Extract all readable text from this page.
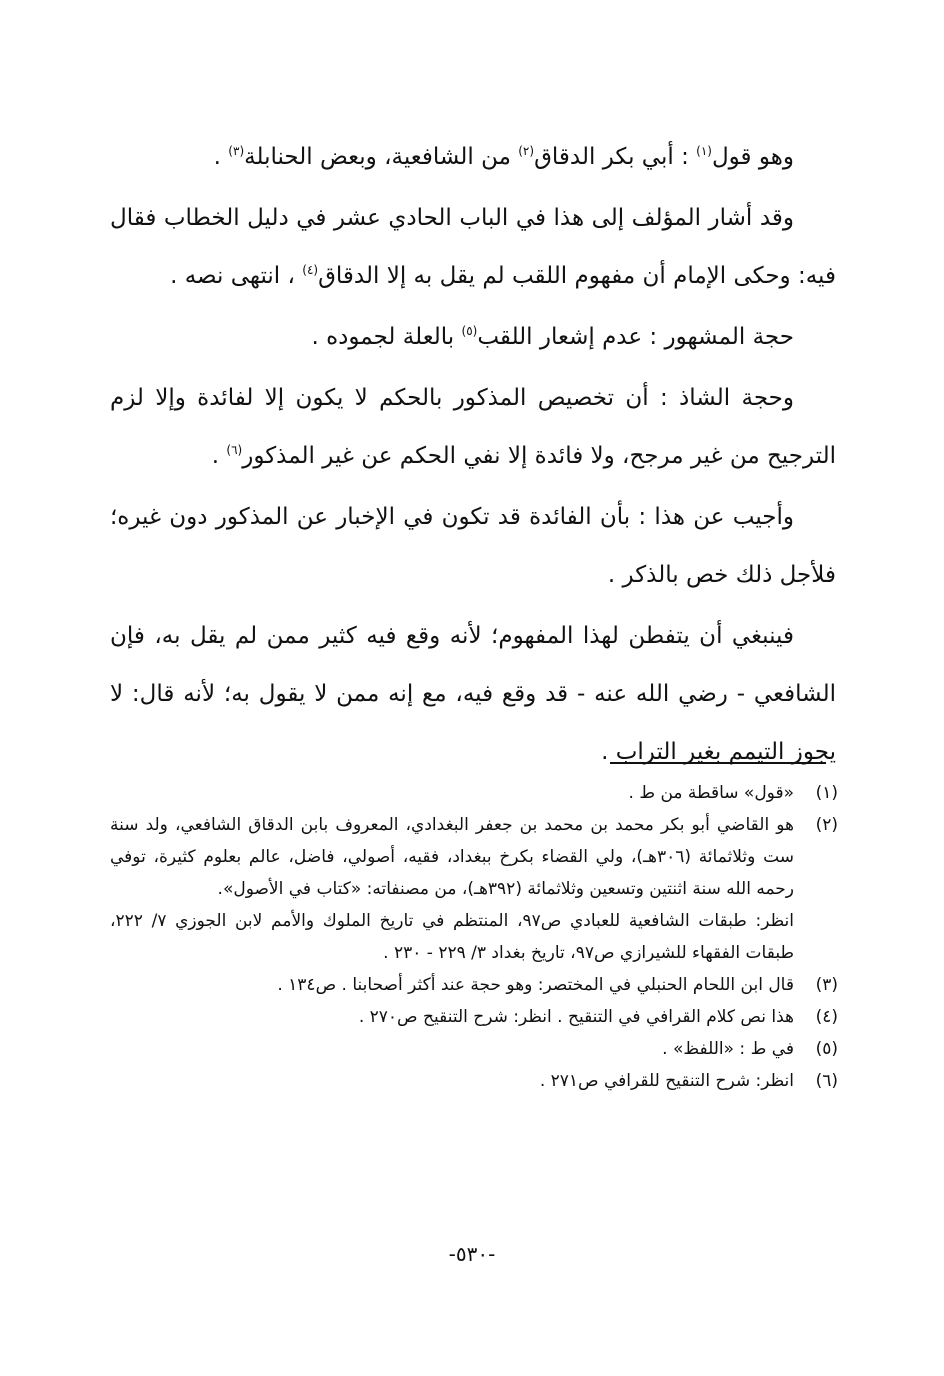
وهو قول$^{(١)}$ : أبي بكر الدقاق$^{(٢)}$ من الشافعية، وبعض الحنابلة$^{(٣)}$ .

وقد أشار المؤلف إلى هذا في الباب الحادي عشر في دليل الخطاب فقال فيه: وحكى الإمام أن مفهوم اللقب لم يقل به إلا الدقاق$^{(٤)}$ ، انتهى نصه .

حجة المشهور : عدم إشعار اللقب$^{(٥)}$ بالعلة لجموده .

وحجة الشاذ : أن تخصيص المذكور بالحكم لا يكون إلا لفائدة وإلا لزم الترجيح من غير مرجح، ولا فائدة إلا نفي الحكم عن غير المذكور$^{(٦)}$ .

وأجيب عن هذا : بأن الفائدة قد تكون في الإخبار عن المذكور دون غيره؛ فلأجل ذلك خص بالذكر .

فينبغي أن يتفطن لهذا المفهوم؛ لأنه وقع فيه كثير ممن لم يقل به، فإن الشافعي - رضي الله عنه - قد وقع فيه، مع إنه ممن لا يقول به؛ لأنه قال: لا يجوز التيمم بغير التراب .

(١)
«قول» ساقطة من ط .
(٢)
هو القاضي أبو بكر محمد بن محمد بن جعفر البغدادي، المعروف بابن الدقاق الشافعي، ولد سنة ست وثلاثمائة (٣٠٦هـ)، ولي القضاء بكرخ ببغداد، فقيه، أصولي، فاضل، عالم بعلوم كثيرة، توفي رحمه الله سنة اثنتين وتسعين وثلاثمائة (٣٩٢هـ)، من مصنفاته: «كتاب في الأصول».
انظر: طبقات الشافعية للعبادي ص٩٧، المنتظم في تاريخ الملوك والأمم لابن الجوزي ٧/ ٢٢٢، طبقات الفقهاء للشيرازي ص٩٧، تاريخ بغداد ٣/ ٢٢٩ - ٢٣٠ .
(٣)
قال ابن اللحام الحنبلي في المختصر: وهو حجة عند أكثر أصحابنا . ص١٣٤ .
(٤)
هذا نص كلام القرافي في التنقيح . انظر: شرح التنقيح ص٢٧٠ .
(٥)
في ط : «اللفظ» .
(٦)
انظر: شرح التنقيح للقرافي ص٢٧١ .
-٥٣٠-
